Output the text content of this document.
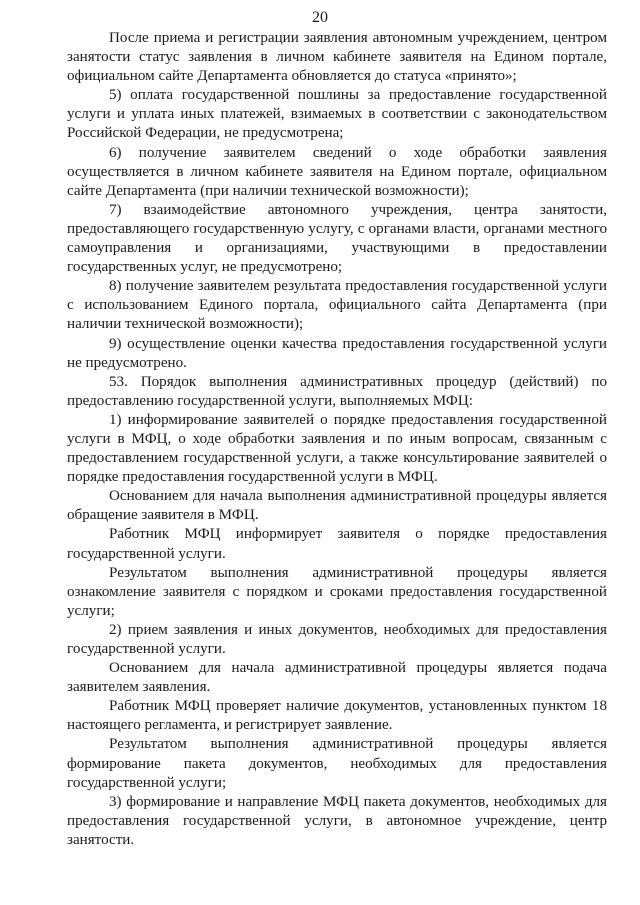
20

После приема и регистрации заявления автономным учреждением, центром занятости статус заявления в личном кабинете заявителя на Едином портале, официальном сайте Департамента обновляется до статуса «принято»;

5) оплата государственной пошлины за предоставление государственной услуги и уплата иных платежей, взимаемых в соответствии с законодательством Российской Федерации, не предусмотрена;

6) получение заявителем сведений о ходе обработки заявления осуществляется в личном кабинете заявителя на Едином портале, официальном сайте Департамента (при наличии технической возможности);

7) взаимодействие автономного учреждения, центра занятости, предоставляющего государственную услугу, с органами власти, органами местного самоуправления и организациями, участвующими в предоставлении государственных услуг, не предусмотрено;

8) получение заявителем результата предоставления государственной услуги с использованием Единого портала, официального сайта Департамента (при наличии технической возможности);

9) осуществление оценки качества предоставления государственной услуги не предусмотрено.

53. Порядок выполнения административных процедур (действий) по предоставлению государственной услуги, выполняемых МФЦ:

1) информирование заявителей о порядке предоставления государственной услуги в МФЦ, о ходе обработки заявления и по иным вопросам, связанным с предоставлением государственной услуги, а также консультирование заявителей о порядке предоставления государственной услуги в МФЦ.

Основанием для начала выполнения административной процедуры является обращение заявителя в МФЦ.

Работник МФЦ информирует заявителя о порядке предоставления государственной услуги.

Результатом выполнения административной процедуры является ознакомление заявителя с порядком и сроками предоставления государственной услуги;

2) прием заявления и иных документов, необходимых для предоставления государственной услуги.

Основанием для начала административной процедуры является подача заявителем заявления.

Работник МФЦ проверяет наличие документов, установленных пунктом 18 настоящего регламента, и регистрирует заявление.

Результатом выполнения административной процедуры является формирование пакета документов, необходимых для предоставления государственной услуги;

3) формирование и направление МФЦ пакета документов, необходимых для предоставления государственной услуги, в автономное учреждение, центр занятости.
